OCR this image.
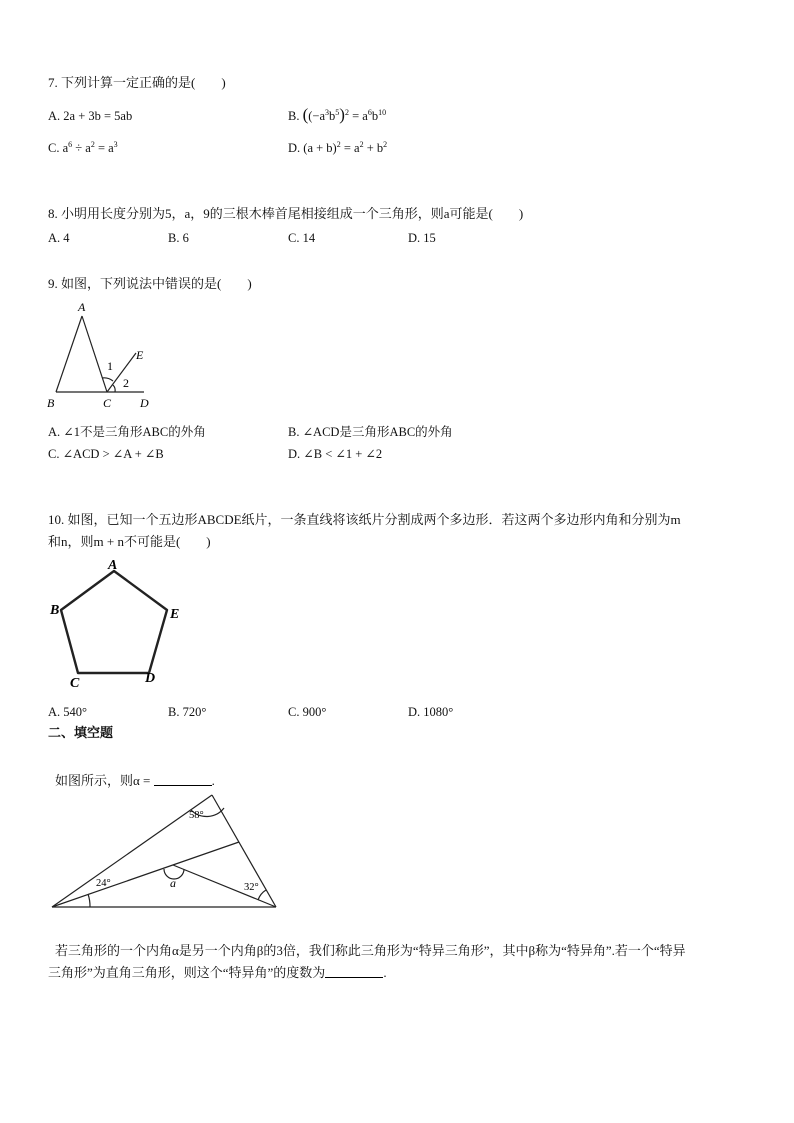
7. 下列计算一定正确的是(　　)
A. 2a + 3b = 5ab	B. ($(-a^3b^5)^2 = a^6b^{10}$
C. $a^6 \div a^2 = a^3$	D. $(a + b)^2 = a^2 + b^2$
8. 小明用长度分别为5，a，9的三根木棒首尾相接组成一个三角形，则a可能是(　　)
A. 4	B. 6	C. 14	D. 15
9. 如图，下列说法中错误的是(　　)
A
B	C D
E
1
2
A. ∠1不是三角形ABC的外角	B. ∠ACD是三角形ABC的外角
C. ∠ACD > ∠A + ∠B	D. ∠B < ∠1 + ∠2
10. 如图，已知一个五边形ABCDE纸片，一条直线将该纸片分割成两个多边形．若这两个多边形内角和分别为m
和n，则m + n不可能是(　　)
A
B	E
C	D
A. 540°	B. 720°	C. 900°	D. 1080°
二、填空题
如图所示，则α =	.
58°
24°	32°
a
若三角形的一个内角α是另一个内角β的3倍，我们称此三角形为“特异三角形”，其中β称为“特异角”.若一个“特异
三角形”为直角三角形，则这个“特异角”的度数为	.
